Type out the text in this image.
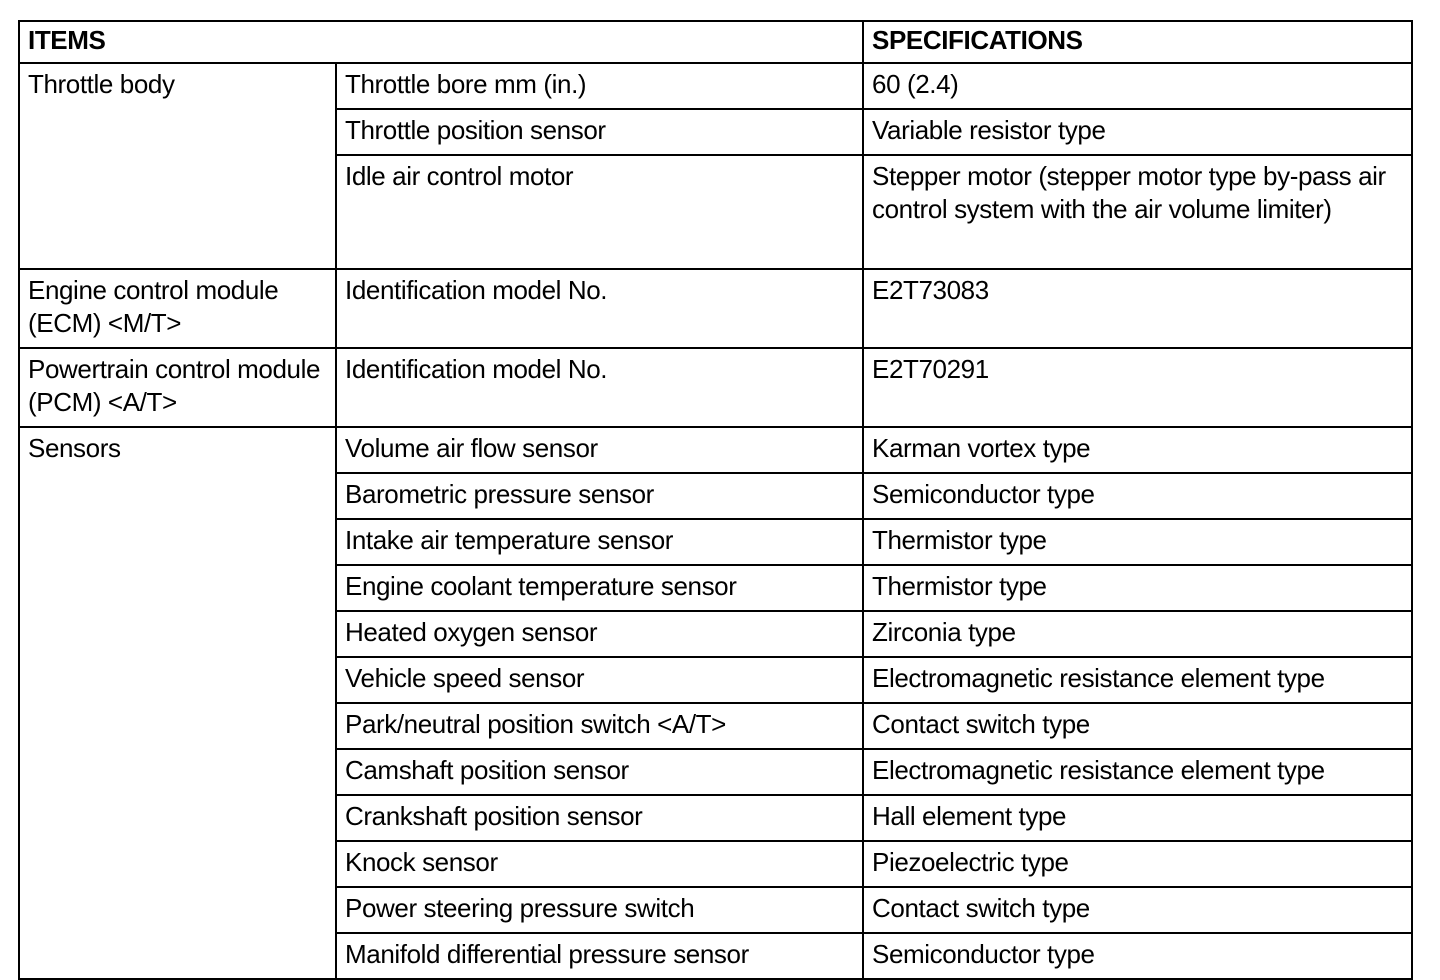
ITEMS		SPECIFICATIONS
Throttle body	Throttle bore mm (in.)	60 (2.4)
	Throttle position sensor	Variable resistor type
	Idle air control motor	Stepper motor (stepper motor type by-pass air control system with the air volume limiter)
Engine control module (ECM) <M/T>	Identification model No.	E2T73083
Powertrain control module (PCM) <A/T>	Identification model No.	E2T70291
Sensors	Volume air flow sensor	Karman vortex type
	Barometric pressure sensor	Semiconductor type
	Intake air temperature sensor	Thermistor type
	Engine coolant temperature sensor	Thermistor type
	Heated oxygen sensor	Zirconia type
	Vehicle speed sensor	Electromagnetic resistance element type
	Park/neutral position switch <A/T>	Contact switch type
	Camshaft position sensor	Electromagnetic resistance element type
	Crankshaft position sensor	Hall element type
	Knock sensor	Piezoelectric type
	Power steering pressure switch	Contact switch type
	Manifold differential pressure sensor	Semiconductor type
